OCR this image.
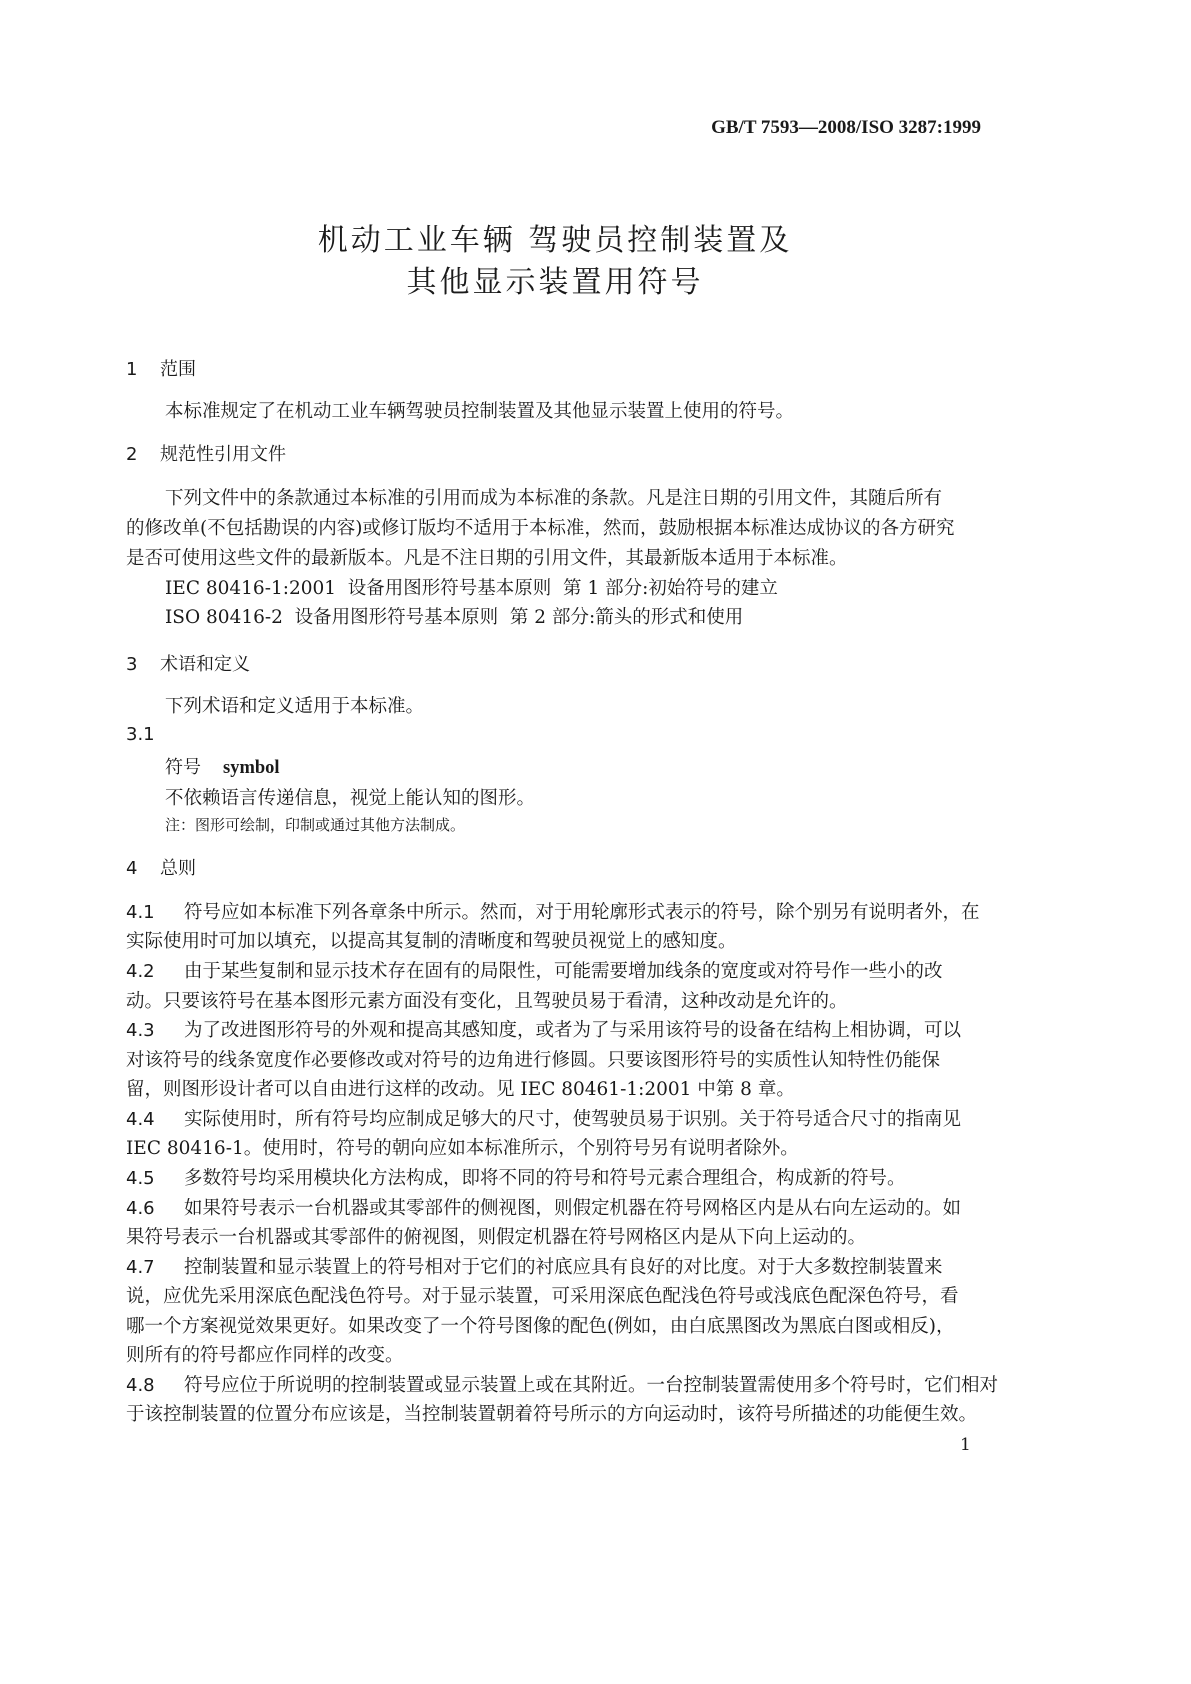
GB/T 7593—2008/ISO 3287:1999
机动工业车辆 驾驶员控制装置及
其他显示装置用符号
1 范围
本标准规定了在机动工业车辆驾驶员控制装置及其他显示装置上使用的符号。
2 规范性引用文件
下列文件中的条款通过本标准的引用而成为本标准的条款。凡是注日期的引用文件，其随后所有
的修改单(不包括勘误的内容)或修订版均不适用于本标准，然而，鼓励根据本标准达成协议的各方研究
是否可使用这些文件的最新版本。凡是不注日期的引用文件，其最新版本适用于本标准。
IEC 80416-1:2001  设备用图形符号基本原则  第 1 部分:初始符号的建立
ISO 80416-2  设备用图形符号基本原则  第 2 部分:箭头的形式和使用
3 术语和定义
下列术语和定义适用于本标准。
3.1
符号 symbol
不依赖语言传递信息，视觉上能认知的图形。
注：图形可绘制，印制或通过其他方法制成。
4 总则
4.1 符号应如本标准下列各章条中所示。然而，对于用轮廓形式表示的符号，除个别另有说明者外，在
实际使用时可加以填充，以提高其复制的清晰度和驾驶员视觉上的感知度。
4.2 由于某些复制和显示技术存在固有的局限性，可能需要增加线条的宽度或对符号作一些小的改
动。只要该符号在基本图形元素方面没有变化，且驾驶员易于看清，这种改动是允许的。
4.3 为了改进图形符号的外观和提高其感知度，或者为了与采用该符号的设备在结构上相协调，可以
对该符号的线条宽度作必要修改或对符号的边角进行修圆。只要该图形符号的实质性认知特性仍能保
留，则图形设计者可以自由进行这样的改动。见 IEC 80461-1:2001 中第 8 章。
4.4 实际使用时，所有符号均应制成足够大的尺寸，使驾驶员易于识别。关于符号适合尺寸的指南见
IEC 80416-1。使用时，符号的朝向应如本标准所示，个别符号另有说明者除外。
4.5 多数符号均采用模块化方法构成，即将不同的符号和符号元素合理组合，构成新的符号。
4.6 如果符号表示一台机器或其零部件的侧视图，则假定机器在符号网格区内是从右向左运动的。如
果符号表示一台机器或其零部件的俯视图，则假定机器在符号网格区内是从下向上运动的。
4.7 控制装置和显示装置上的符号相对于它们的衬底应具有良好的对比度。对于大多数控制装置来
说，应优先采用深底色配浅色符号。对于显示装置，可采用深底色配浅色符号或浅底色配深色符号，看
哪一个方案视觉效果更好。如果改变了一个符号图像的配色(例如，由白底黑图改为黑底白图或相反)，
则所有的符号都应作同样的改变。
4.8 符号应位于所说明的控制装置或显示装置上或在其附近。一台控制装置需使用多个符号时，它们相对
于该控制装置的位置分布应该是，当控制装置朝着符号所示的方向运动时，该符号所描述的功能便生效。
1
